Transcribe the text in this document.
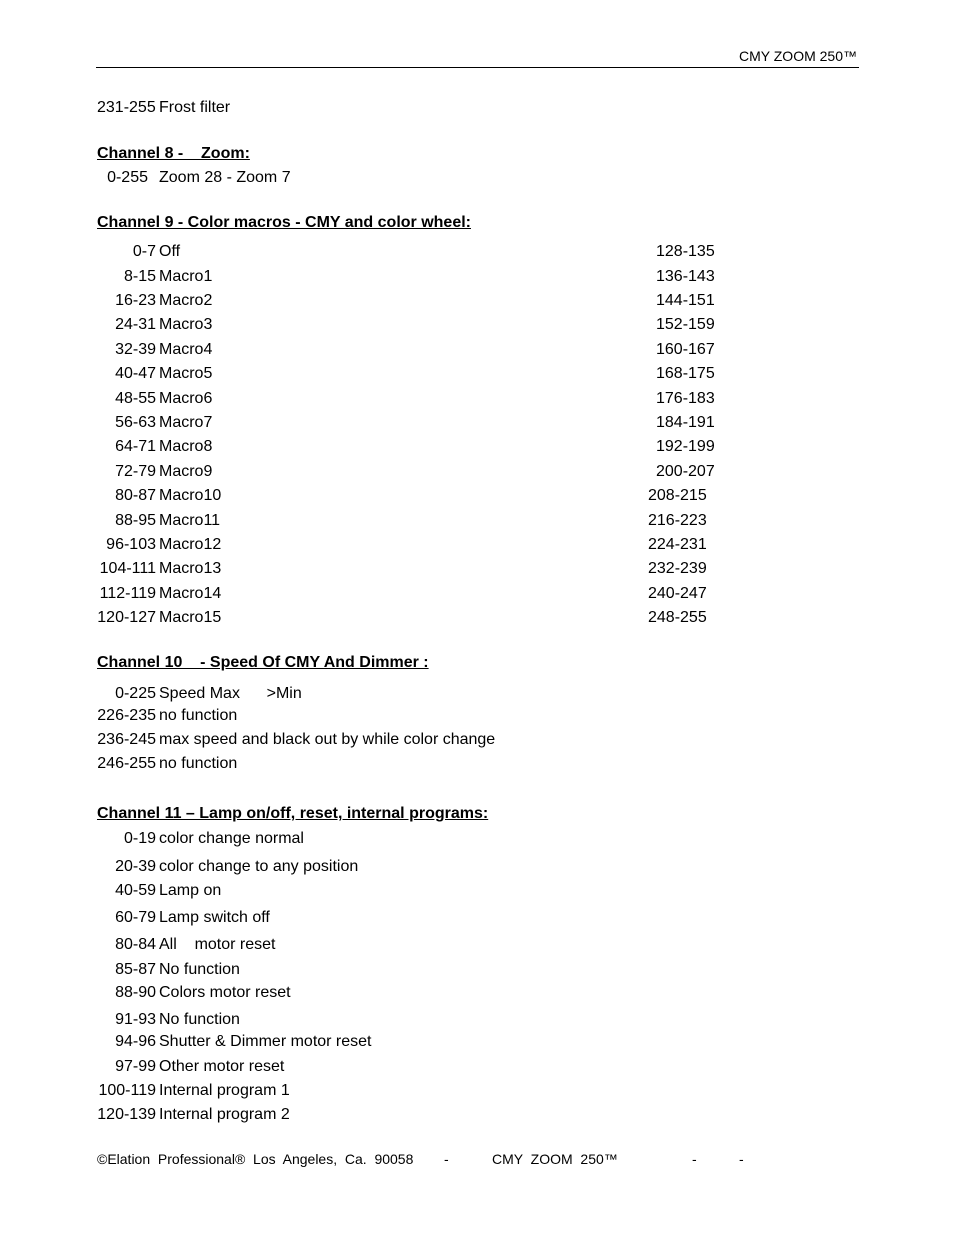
CMY ZOOM 250™
231-255 Frost filter
Channel 8 -    Zoom:
0-255 Zoom 28 - Zoom 7
Channel 9 - Color macros - CMY and color wheel:
0-7 Off	128-135
8-15 Macro1	136-143
16-23 Macro2	144-151
24-31 Macro3	152-159
32-39 Macro4	160-167
40-47 Macro5	168-175
48-55 Macro6	176-183
56-63 Macro7	184-191
64-71 Macro8	192-199
72-79 Macro9	200-207
80-87 Macro10	208-215
88-95 Macro11	216-223
96-103 Macro12	224-231
104-111 Macro13	232-239
112-119 Macro14	240-247
120-127 Macro15	248-255
Channel 10    - Speed Of CMY And Dimmer :
0-225 Speed Max      >Min
226-235 no function
236-245 max speed and black out by while color change
246-255 no function
Channel 11 – Lamp on/off, reset, internal programs:
0-19 color change normal
20-39 color change to any position
40-59 Lamp on
60-79 Lamp switch off
80-84 All    motor reset
85-87 No function
88-90 Colors motor reset
91-93 No function
94-96 Shutter & Dimmer motor reset
97-99 Other motor reset
100-119 Internal program 1
120-139 Internal program 2
©Elation  Professional®  Los  Angeles,  Ca.  90058 -	CMY  ZOOM  250™	-	-
